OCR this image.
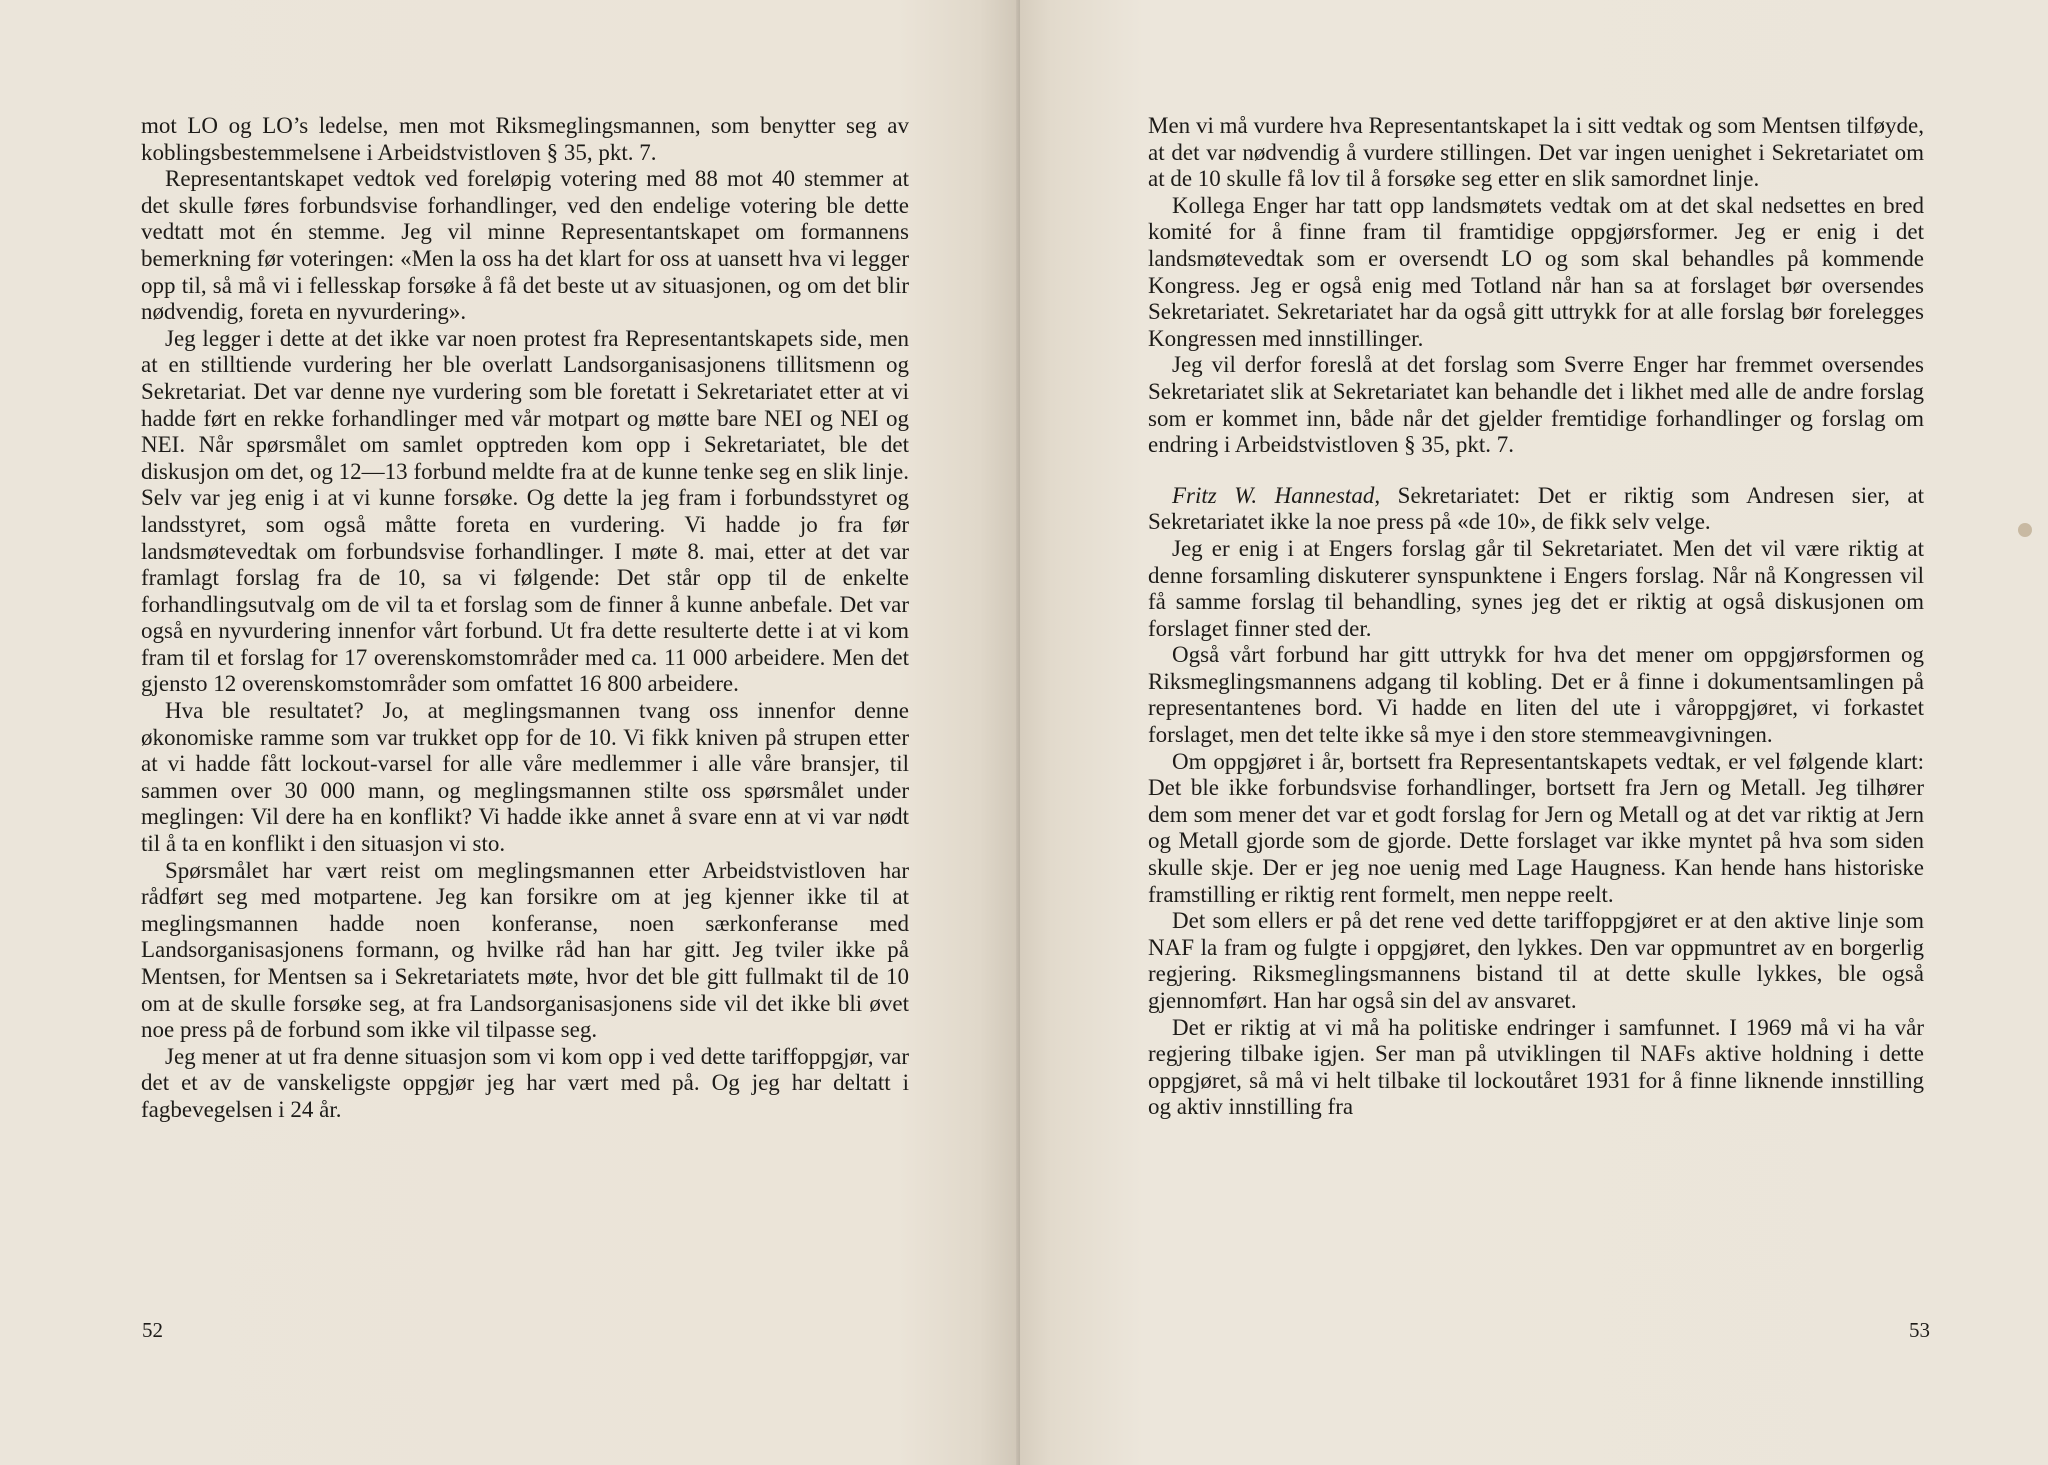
mot LO og LO’s ledelse, men mot Riksmeglingsmannen, som benytter seg av koblingsbestemmelsene i Arbeidstvistloven § 35, pkt. 7.

Representantskapet vedtok ved foreløpig votering med 88 mot 40 stemmer at det skulle føres forbundsvise forhandlinger, ved den endelige votering ble dette vedtatt mot én stemme. Jeg vil minne Representantskapet om formannens bemerkning før voteringen: «Men la oss ha det klart for oss at uansett hva vi legger opp til, så må vi i fellesskap forsøke å få det beste ut av situasjonen, og om det blir nødvendig, foreta en nyvurdering».

Jeg legger i dette at det ikke var noen protest fra Representantskapets side, men at en stilltiende vurdering her ble overlatt Landsorganisasjonens tillitsmenn og Sekretariat. Det var denne nye vurdering som ble foretatt i Sekretariatet etter at vi hadde ført en rekke forhandlinger med vår motpart og møtte bare NEI og NEI og NEI. Når spørsmålet om samlet opptreden kom opp i Sekretariatet, ble det diskusjon om det, og 12—13 forbund meldte fra at de kunne tenke seg en slik linje. Selv var jeg enig i at vi kunne forsøke. Og dette la jeg fram i forbundsstyret og landsstyret, som også måtte foreta en vurdering. Vi hadde jo fra før landsmøtevedtak om forbundsvise forhandlinger. I møte 8. mai, etter at det var framlagt forslag fra de 10, sa vi følgende: Det står opp til de enkelte forhandlingsutvalg om de vil ta et forslag som de finner å kunne anbefale. Det var også en nyvurdering innenfor vårt forbund. Ut fra dette resulterte dette i at vi kom fram til et forslag for 17 overenskomstområder med ca. 11 000 arbeidere. Men det gjensto 12 overenskomstområder som omfattet 16 800 arbeidere.

Hva ble resultatet? Jo, at meglingsmannen tvang oss innenfor denne økonomiske ramme som var trukket opp for de 10. Vi fikk kniven på strupen etter at vi hadde fått lockout-varsel for alle våre medlemmer i alle våre bransjer, til sammen over 30 000 mann, og meglingsmannen stilte oss spørsmålet under meglingen: Vil dere ha en konflikt? Vi hadde ikke annet å svare enn at vi var nødt til å ta en konflikt i den situasjon vi sto.

Spørsmålet har vært reist om meglingsmannen etter Arbeidstvistloven har rådført seg med motpartene. Jeg kan forsikre om at jeg kjenner ikke til at meglingsmannen hadde noen konferanse, noen særkonferanse med Landsorganisasjonens formann, og hvilke råd han har gitt. Jeg tviler ikke på Mentsen, for Mentsen sa i Sekretariatets møte, hvor det ble gitt fullmakt til de 10 om at de skulle forsøke seg, at fra Landsorganisasjonens side vil det ikke bli øvet noe press på de forbund som ikke vil tilpasse seg.

Jeg mener at ut fra denne situasjon som vi kom opp i ved dette tariffoppgjør, var det et av de vanskeligste oppgjør jeg har vært med på. Og jeg har deltatt i fagbevegelsen i 24 år.

52

Men vi må vurdere hva Representantskapet la i sitt vedtak og som Mentsen tilføyde, at det var nødvendig å vurdere stillingen. Det var ingen uenighet i Sekretariatet om at de 10 skulle få lov til å forsøke seg etter en slik samordnet linje.

Kollega Enger har tatt opp landsmøtets vedtak om at det skal nedsettes en bred komité for å finne fram til framtidige oppgjørsformer. Jeg er enig i det landsmøtevedtak som er oversendt LO og som skal behandles på kommende Kongress. Jeg er også enig med Totland når han sa at forslaget bør oversendes Sekretariatet. Sekretariatet har da også gitt uttrykk for at alle forslag bør forelegges Kongressen med innstillinger.

Jeg vil derfor foreslå at det forslag som Sverre Enger har fremmet oversendes Sekretariatet slik at Sekretariatet kan behandle det i likhet med alle de andre forslag som er kommet inn, både når det gjelder fremtidige forhandlinger og forslag om endring i Arbeidstvistloven § 35, pkt. 7.

Fritz W. Hannestad, Sekretariatet: Det er riktig som Andresen sier, at Sekretariatet ikke la noe press på «de 10», de fikk selv velge.

Jeg er enig i at Engers forslag går til Sekretariatet. Men det vil være riktig at denne forsamling diskuterer synspunktene i Engers forslag. Når nå Kongressen vil få samme forslag til behandling, synes jeg det er riktig at også diskusjonen om forslaget finner sted der.

Også vårt forbund har gitt uttrykk for hva det mener om oppgjørsformen og Riksmeglingsmannens adgang til kobling. Det er å finne i dokumentsamlingen på representantenes bord. Vi hadde en liten del ute i våroppgjøret, vi forkastet forslaget, men det telte ikke så mye i den store stemmeavgivningen.

Om oppgjøret i år, bortsett fra Representantskapets vedtak, er vel følgende klart: Det ble ikke forbundsvise forhandlinger, bortsett fra Jern og Metall. Jeg tilhører dem som mener det var et godt forslag for Jern og Metall og at det var riktig at Jern og Metall gjorde som de gjorde. Dette forslaget var ikke myntet på hva som siden skulle skje. Der er jeg noe uenig med Lage Haugness. Kan hende hans historiske framstilling er riktig rent formelt, men neppe reelt.

Det som ellers er på det rene ved dette tariffoppgjøret er at den aktive linje som NAF la fram og fulgte i oppgjøret, den lykkes. Den var oppmuntret av en borgerlig regjering. Riksmeglingsmannens bistand til at dette skulle lykkes, ble også gjennomført. Han har også sin del av ansvaret.

Det er riktig at vi må ha politiske endringer i samfunnet. I 1969 må vi ha vår regjering tilbake igjen. Ser man på utviklingen til NAFs aktive holdning i dette oppgjøret, så må vi helt tilbake til lockoutåret 1931 for å finne liknende innstilling og aktiv innstilling fra

53
